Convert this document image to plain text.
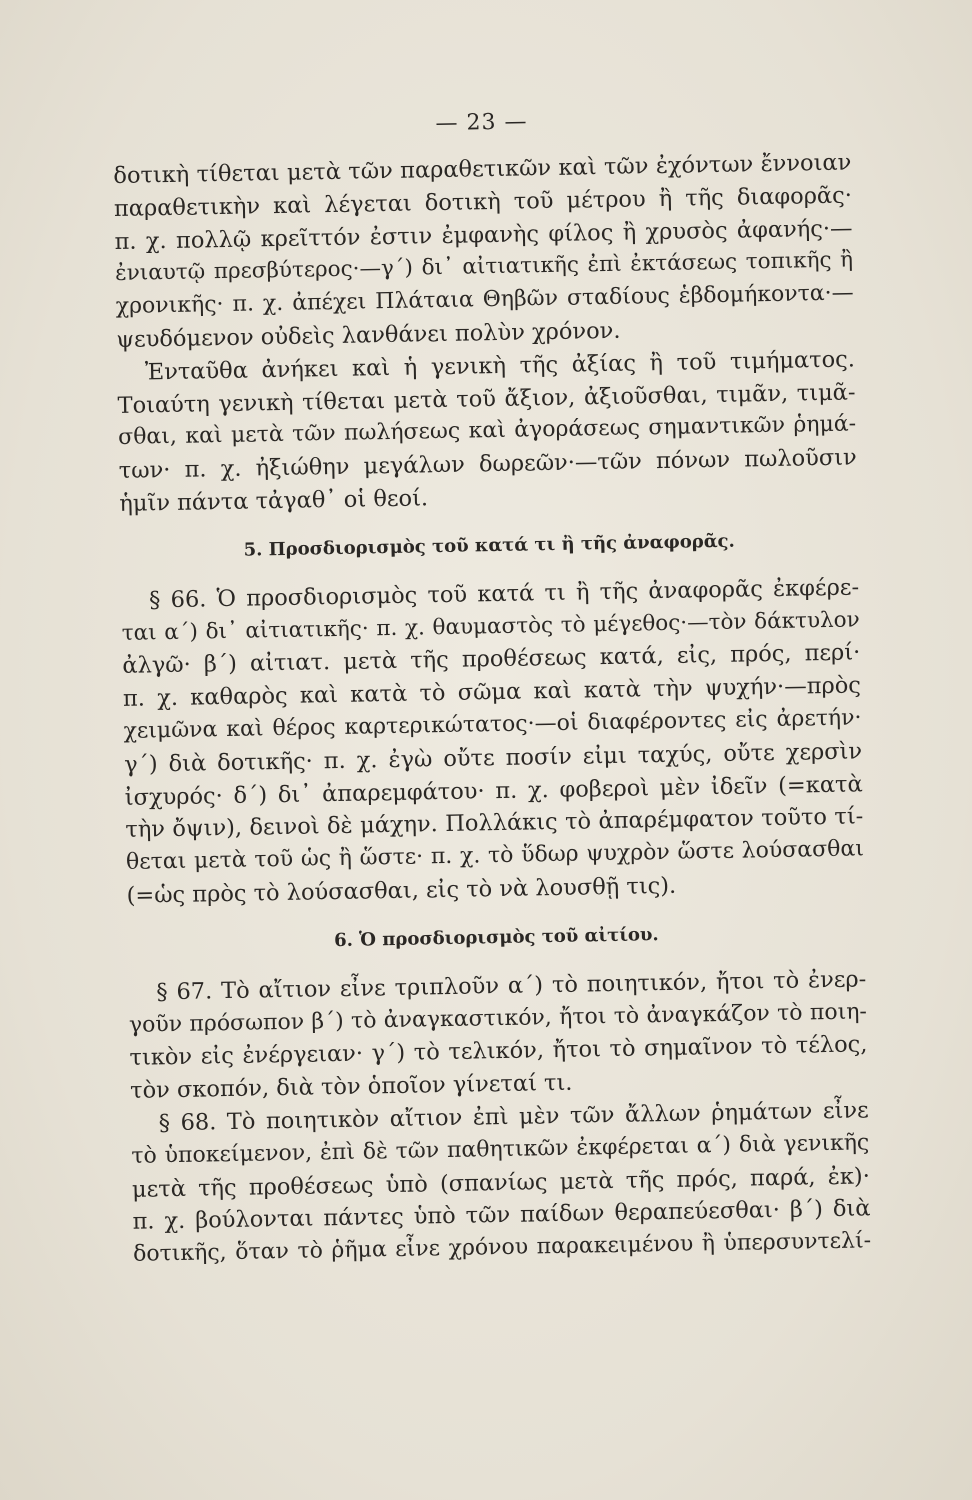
— 23 —
δοτικὴ τίθεται μετὰ τῶν παραθετικῶν καὶ τῶν ἐχόντων ἔννοιαν
παραθετικὴν καὶ λέγεται δοτικὴ τοῦ μέτρου ἢ τῆς διαφορᾶς·
π. χ. πολλῷ κρεῖττόν ἐστιν ἐμφανὴς φίλος ἢ χρυσὸς ἀφανής·—
ἐνιαυτῷ πρεσβύτερος·—γ΄) δι᾿ αἰτιατικῆς ἐπὶ ἐκτάσεως τοπικῆς ἢ
χρονικῆς· π. χ. ἀπέχει Πλάταια Θηβῶν σταδίους ἑβδομήκοντα·—
ψευδόμενον οὐδεὶς λανθάνει πολὺν χρόνον.
Ἐνταῦθα ἀνήκει καὶ ἡ γενικὴ τῆς ἀξίας ἢ τοῦ τιμήματος.
Τοιαύτη γενικὴ τίθεται μετὰ τοῦ ἄξιον, ἀξιοῦσθαι, τιμᾶν, τιμᾶ-
σθαι, καὶ μετὰ τῶν πωλήσεως καὶ ἀγοράσεως σημαντικῶν ῥημά-
των· π. χ. ἠξιώθην μεγάλων δωρεῶν·—τῶν πόνων πωλοῦσιν
ἡμῖν πάντα τἀγαθ᾿ οἱ θεοί.
5. Προσδιορισμὸς τοῦ κατά τι ἢ τῆς ἀναφορᾶς.
§ 66. Ὁ προσδιορισμὸς τοῦ κατά τι ἢ τῆς ἀναφορᾶς ἐκφέρε-
ται α΄) δι᾿ αἰτιατικῆς· π. χ. θαυμαστὸς τὸ μέγεθος·—τὸν δάκτυλον
ἀλγῶ· β΄) αἰτιατ. μετὰ τῆς προθέσεως κατά, εἰς, πρός, περί·
π. χ. καθαρὸς καὶ κατὰ τὸ σῶμα καὶ κατὰ τὴν ψυχήν·—πρὸς
χειμῶνα καὶ θέρος καρτερικώτατος·—οἱ διαφέροντες εἰς ἀρετήν·
γ΄) διὰ δοτικῆς· π. χ. ἐγὼ οὔτε ποσίν εἰμι ταχύς, οὔτε χερσὶν
ἰσχυρός· δ΄) δι᾿ ἀπαρεμφάτου· π. χ. φοβεροὶ μὲν ἰδεῖν (=κατὰ
τὴν ὄψιν), δεινοὶ δὲ μάχην. Πολλάκις τὸ ἀπαρέμφατον τοῦτο τί-
θεται μετὰ τοῦ ὡς ἢ ὥστε· π. χ. τὸ ὕδωρ ψυχρὸν ὥστε λούσασθαι
(=ὡς πρὸς τὸ λούσασθαι, εἰς τὸ νὰ λουσθῇ τις).
6. Ὁ προσδιορισμὸς τοῦ αἰτίου.
§ 67. Τὸ αἴτιον εἶνε τριπλοῦν α΄) τὸ ποιητικόν, ἤτοι τὸ ἐνερ-
γοῦν πρόσωπον β΄) τὸ ἀναγκαστικόν, ἤτοι τὸ ἀναγκάζον τὸ ποιη-
τικὸν εἰς ἐνέργειαν· γ΄) τὸ τελικόν, ἤτοι τὸ σημαῖνον τὸ τέλος,
τὸν σκοπόν, διὰ τὸν ὁποῖον γίνεταί τι.
§ 68. Τὸ ποιητικὸν αἴτιον ἐπὶ μὲν τῶν ἄλλων ῥημάτων εἶνε
τὸ ὑποκείμενον, ἐπὶ δὲ τῶν παθητικῶν ἐκφέρεται α΄) διὰ γενικῆς
μετὰ τῆς προθέσεως ὑπὸ (σπανίως μετὰ τῆς πρός, παρά, ἐκ)·
π. χ. βούλονται πάντες ὑπὸ τῶν παίδων θεραπεύεσθαι· β΄) διὰ
δοτικῆς, ὅταν τὸ ῥῆμα εἶνε χρόνου παρακειμένου ἢ ὑπερσυντελί-
